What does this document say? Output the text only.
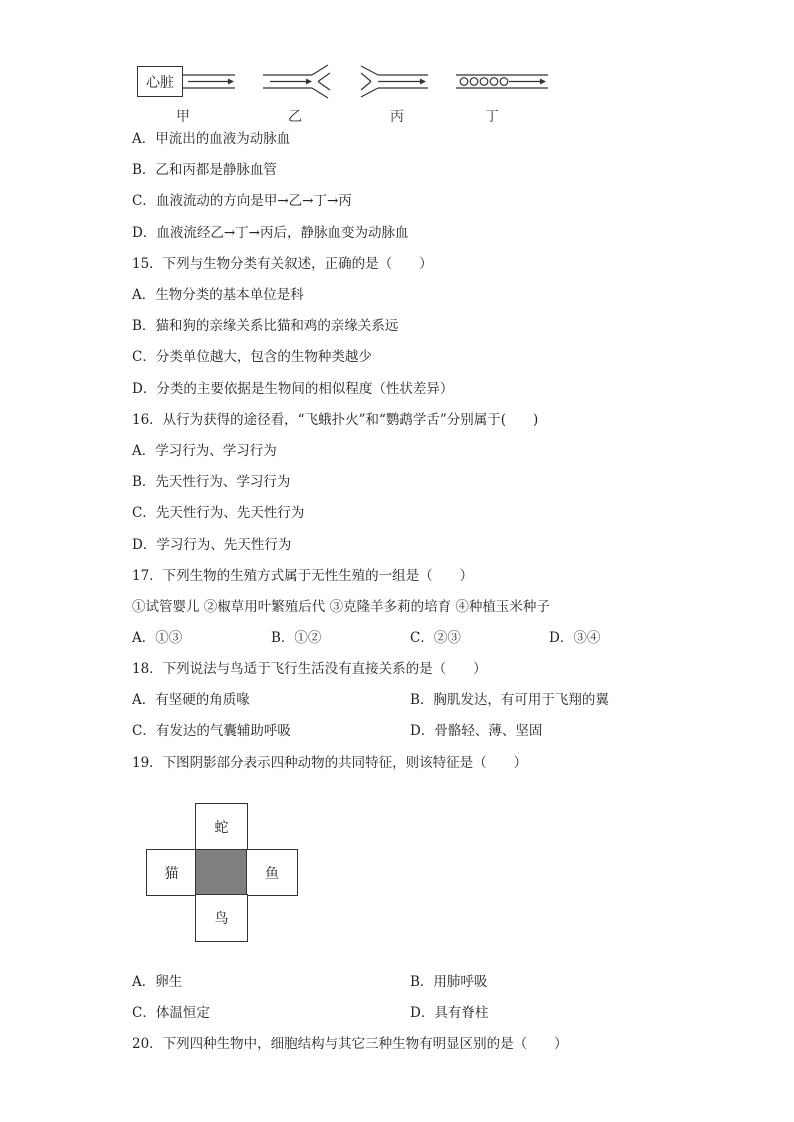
心脏
甲	乙	丙	丁
A．甲流出的血液为动脉血
B．乙和丙都是静脉血管
C．血液流动的方向是甲→乙→丁→丙
D．血液流经乙→丁→丙后，静脉血变为动脉血
15．下列与生物分类有关叙述，正确的是（　　）
A．生物分类的基本单位是科
B．猫和狗的亲缘关系比猫和鸡的亲缘关系远
C．分类单位越大，包含的生物种类越少
D．分类的主要依据是生物间的相似程度（性状差异）
16．从行为获得的途径看，“飞蛾扑火”和“鹦鹉学舌”分别属于(　　)
A．学习行为、学习行为
B．先天性行为、学习行为
C．先天性行为、先天性行为
D．学习行为、先天性行为
17．下列生物的生殖方式属于无性生殖的一组是（　　）
①试管婴儿 ②椒草用叶繁殖后代 ③克隆羊多莉的培育 ④种植玉米种子
A．①③	B．①②	C．②③	D．③④
18．下列说法与鸟适于飞行生活没有直接关系的是（　　）
A．有坚硬的角质喙	B．胸肌发达，有可用于飞翔的翼
C．有发达的气囊辅助呼吸	D．骨骼轻、薄、坚固
19．下图阴影部分表示四种动物的共同特征，则该特征是（　　）
蛇
猫	鱼
鸟
A．卵生	B．用肺呼吸
C．体温恒定	D．具有脊柱
20．下列四种生物中，细胞结构与其它三种生物有明显区别的是（　　）
